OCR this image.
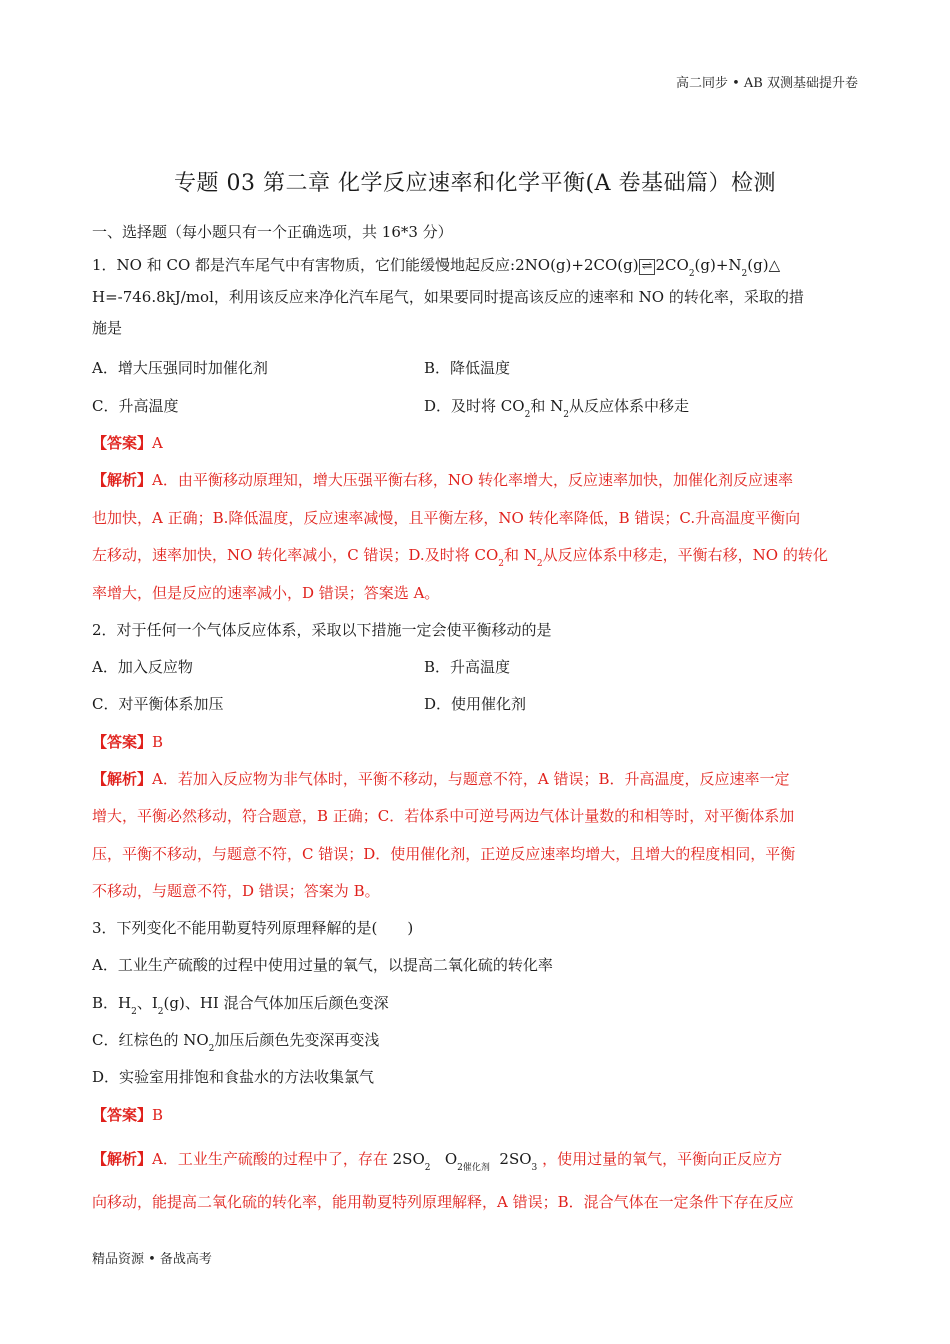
高二同步 • AB 双测基础提升卷
专题 03 第二章 化学反应速率和化学平衡(A 卷基础篇）检测
一、选择题（每小题只有一个正确选项，共 16*3 分）
1．NO 和 CO 都是汽车尾气中有害物质，它们能缓慢地起反应:2NO(g)+2CO(g) ⇌ $2CO_2(g)+N_2(g)\triangle$
H=-746.8kJ/mol，利用该反应来净化汽车尾气，如果要同时提高该反应的速率和 NO 的转化率，采取的措
施是
A．增大压强同时加催化剂	B．降低温度
C．升高温度	D．及时将 $CO_2$和 $N_2$从反应体系中移走
【答案】A
【解析】A．由平衡移动原理知，增大压强平衡右移，NO 转化率增大，反应速率加快，加催化剂反应速率
也加快，A 正确；B.降低温度，反应速率减慢，且平衡左移，NO 转化率降低，B 错误；C.升高温度平衡向
左移动，速率加快，NO 转化率减小，C 错误；D.及时将 $CO_2$和 $N_2$从反应体系中移走，平衡右移，NO 的转化
率增大，但是反应的速率减小，D 错误；答案选 A。
2．对于任何一个气体反应体系，采取以下措施一定会使平衡移动的是
A．加入反应物	B．升高温度
C．对平衡体系加压	D．使用催化剂
【答案】B
【解析】A．若加入反应物为非气体时，平衡不移动，与题意不符，A 错误；B．升高温度，反应速率一定
增大，平衡必然移动，符合题意，B 正确；C．若体系中可逆号两边气体计量数的和相等时，对平衡体系加
压，平衡不移动，与题意不符，C 错误；D．使用催化剂，正逆反应速率均增大，且增大的程度相同，平衡
不移动，与题意不符，D 错误；答案为 B。
3．下列变化不能用勒夏特列原理释解的是(　　)
A．工业生产硫酸的过程中使用过量的氧气，以提高二氧化硫的转化率
B．$H_2$、$I_2(g)$、HI 混合气体加压后颜色变深
C．红棕色的 $NO_2$加压后颜色先变深再变浅
D．实验室用排饱和食盐水的方法收集氯气
【答案】B
【解析】A．工业生产硫酸的过程中了，存在 $2SO_2$ $O_{2催化剂}$ $2SO_3$ ，使用过量的氧气，平衡向正反应方
向移动，能提高二氧化硫的转化率，能用勒夏特列原理解释，A 错误；B．混合气体在一定条件下存在反应
精品资源 • 备战高考
